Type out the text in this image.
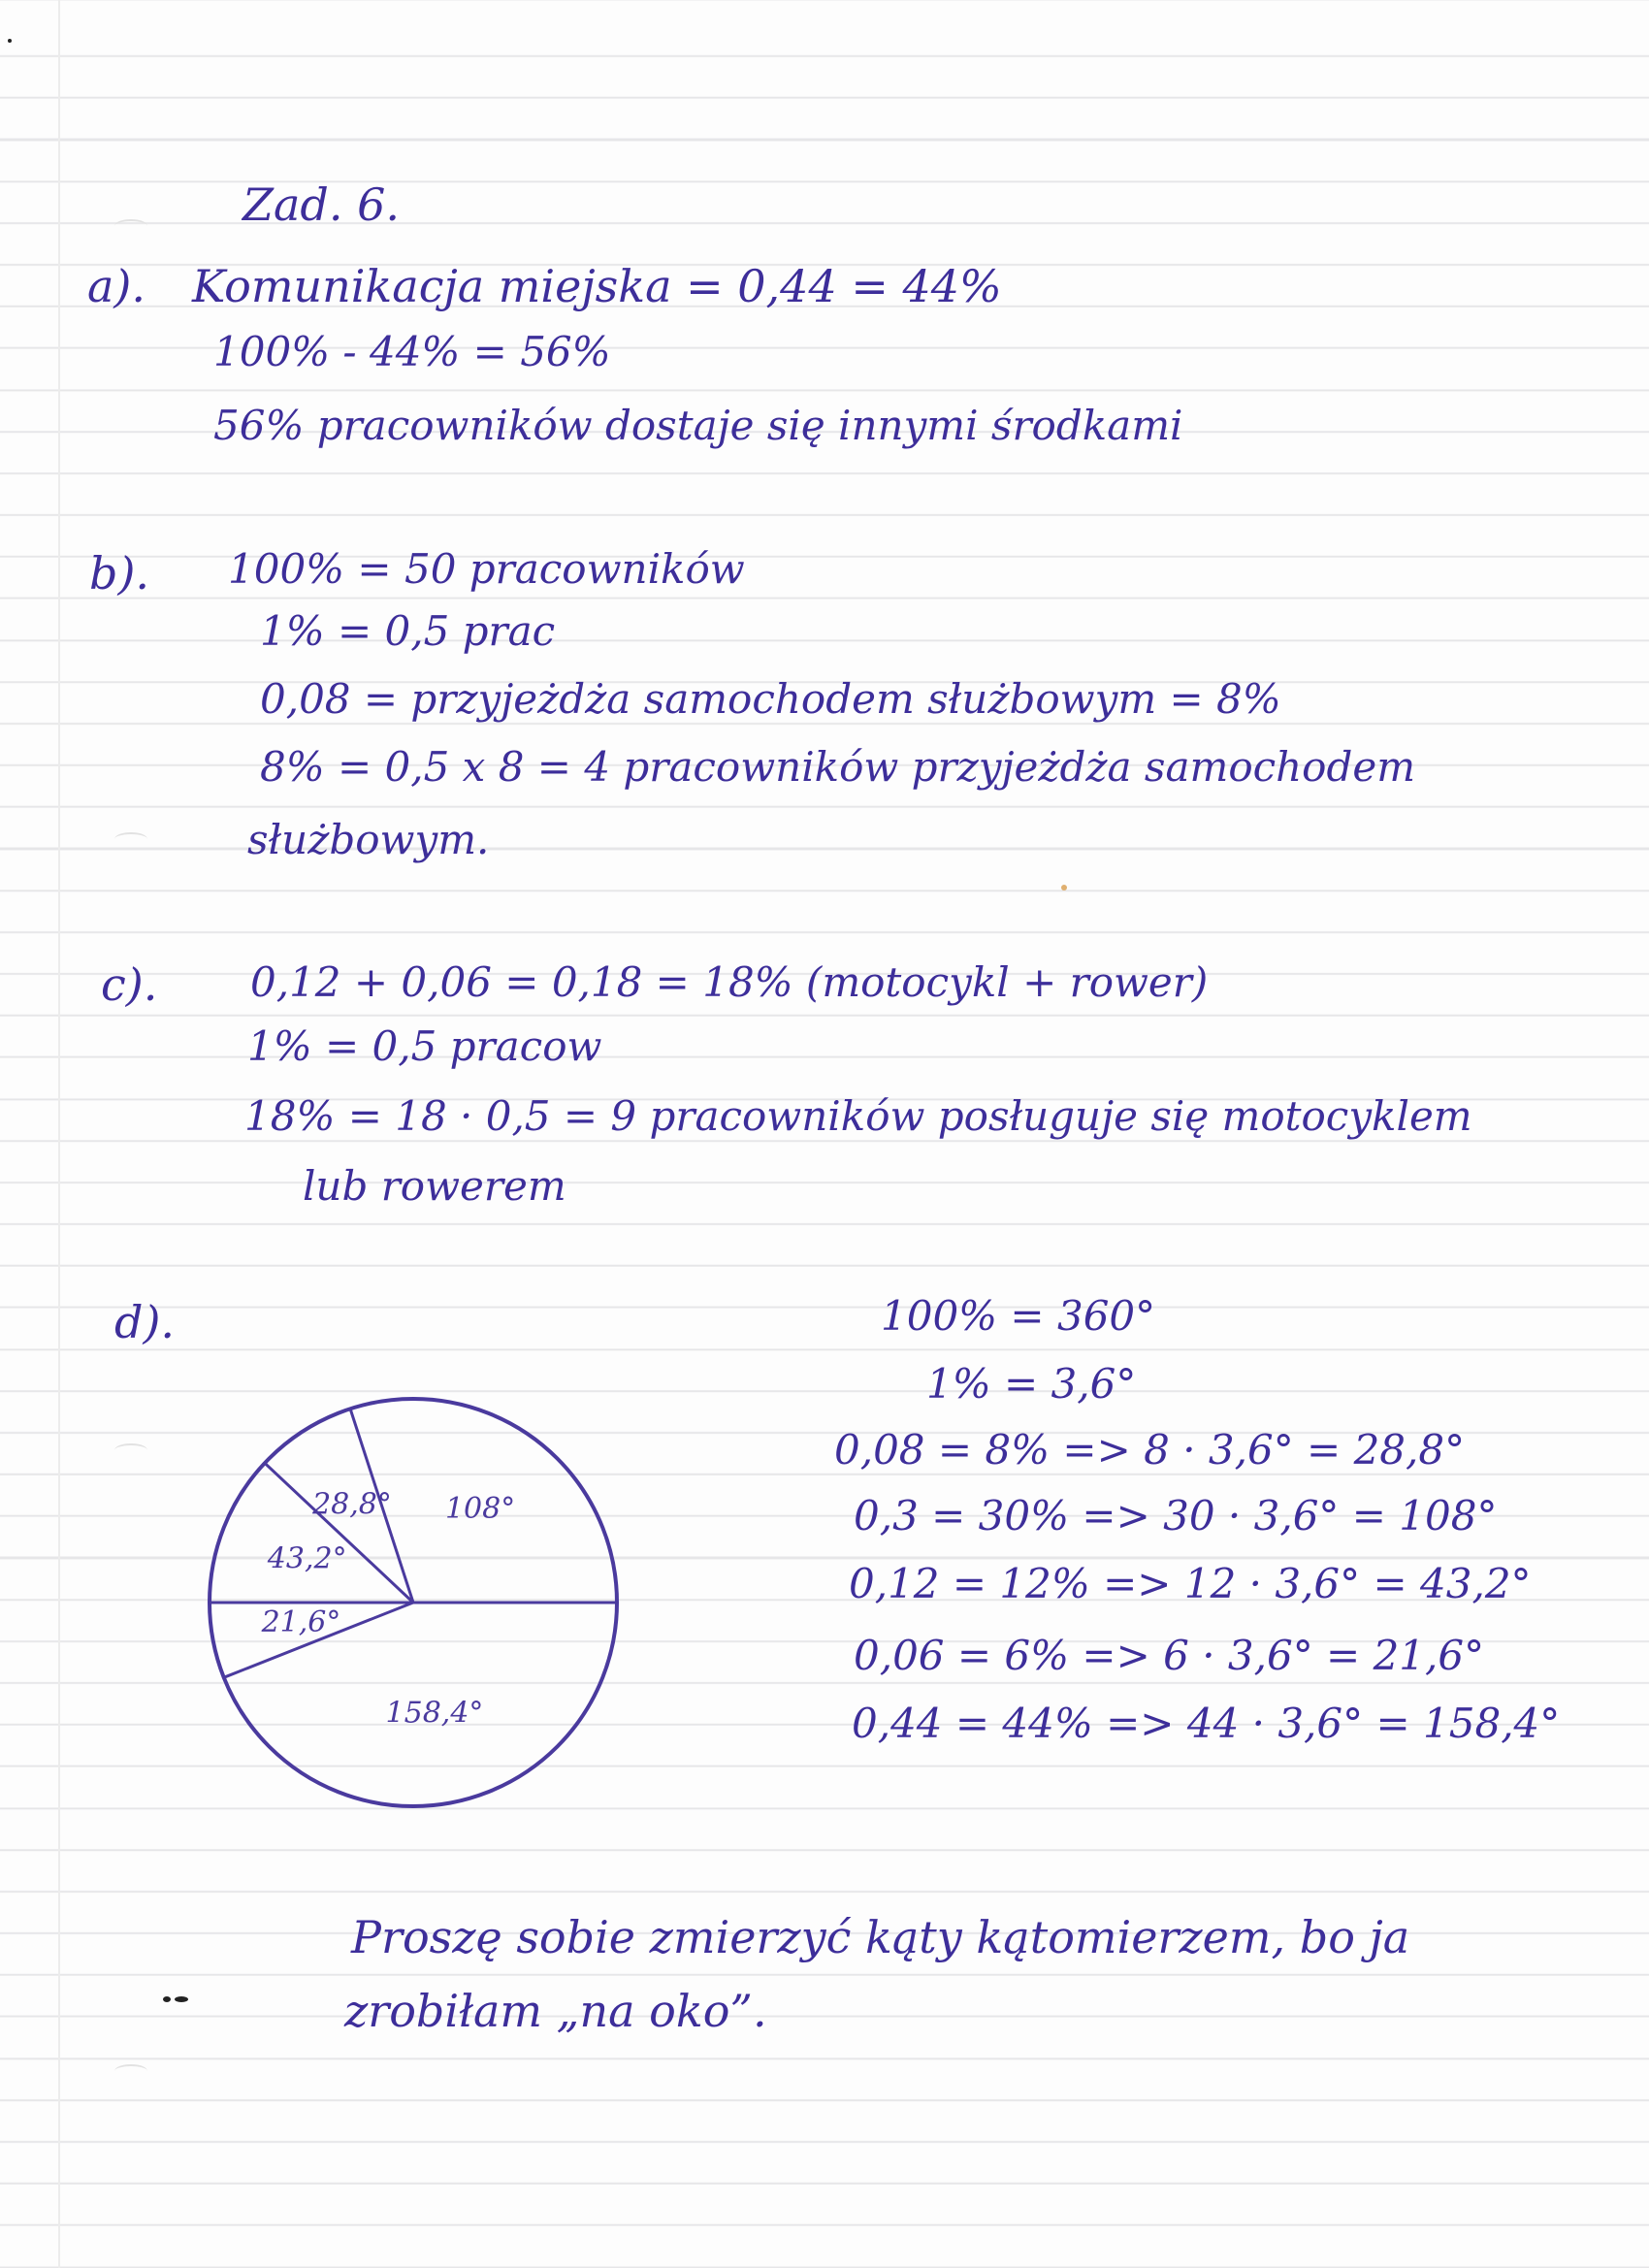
Zad. 6.
a). Komunikacja miejska = 0,44 = 44%
100% - 44% = 56%
56% pracowników dostaje się innymi środkami
b). 100% = 50 pracowników
1% = 0,5 prac
0,08 = przyjeżdża samochodem służbowym = 8%
8% = 0,5 x 8 = 4 pracowników przyjeżdża samochodem
służbowym.
c). 0,12 + 0,06 = 0,18 = 18% (motocykl + rower)
1% = 0,5 pracow
18% = 18 · 0,5 = 9 pracowników posługuje się motocyklem
lub rowerem
d).	100% = 360°
1% = 3,6°
0,08 = 8% => 8 · 3,6° = 28,8°
0,3 = 30% => 30 · 3,6° = 108°
0,12 = 12% => 12 · 3,6° = 43,2°
0,06 = 6% => 6 · 3,6° = 21,6°
0,44 = 44% => 44 · 3,6° = 158,4°
43,2°
28,8° 108°
158,4°
21,6°
Proszę sobie zmierzyć kąty kątomierzem, bo ja
zrobiłam „na oko”.
